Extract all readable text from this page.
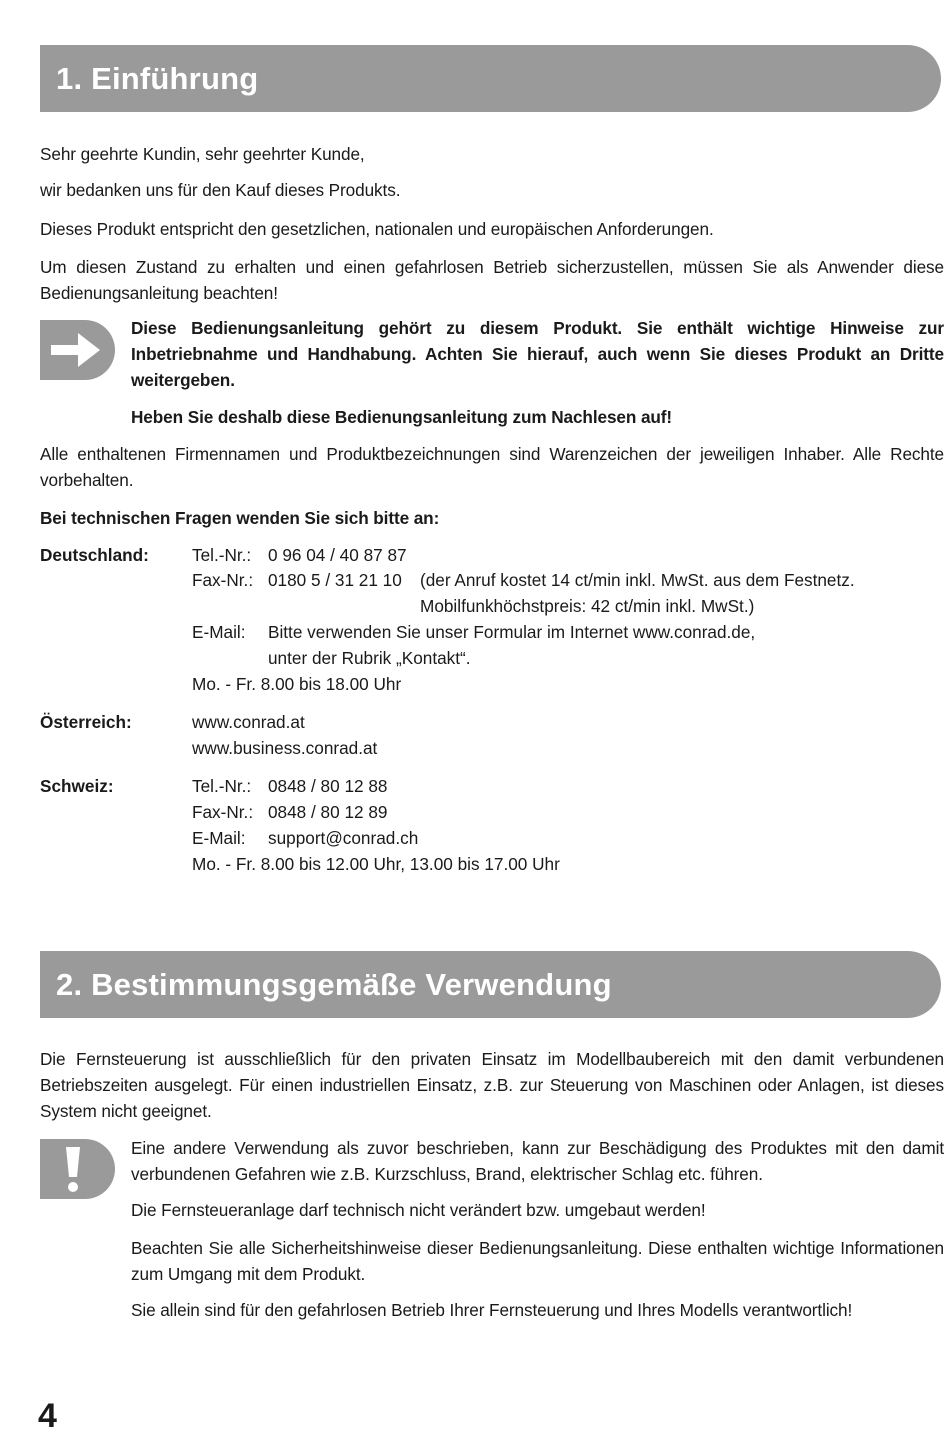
1. Einführung
Sehr geehrte Kundin, sehr geehrter Kunde,
wir bedanken uns für den Kauf dieses Produkts.
Dieses Produkt entspricht den gesetzlichen, nationalen und europäischen Anforderungen.
Um diesen Zustand zu erhalten und einen gefahrlosen Betrieb sicherzustellen, müssen Sie als Anwender diese Bedienungsanleitung beachten!
Diese Bedienungsanleitung gehört zu diesem Produkt. Sie enthält wichtige Hinweise zur Inbetriebnahme und Handhabung. Achten Sie hierauf, auch wenn Sie dieses Produkt an Dritte weitergeben.
Heben Sie deshalb diese Bedienungsanleitung zum Nachlesen auf!
Alle enthaltenen Firmennamen und Produktbezeichnungen sind Warenzeichen der jeweiligen Inhaber. Alle Rechte vorbehalten.
Bei technischen Fragen wenden Sie sich bitte an:
Deutschland:	Tel.-Nr.: 0 96 04 / 40 87 87
Fax-Nr.: 0180 5 / 31 21 10 (der Anruf kostet 14 ct/min inkl. MwSt. aus dem Festnetz.
Mobilfunkhöchstpreis: 42 ct/min inkl. MwSt.)
E-Mail: Bitte verwenden Sie unser Formular im Internet www.conrad.de,
unter der Rubrik „Kontakt“.
Mo. - Fr. 8.00 bis 18.00 Uhr
Österreich:	www.conrad.at
www.business.conrad.at
Schweiz:	Tel.-Nr.: 0848 / 80 12 88
Fax-Nr.: 0848 / 80 12 89
E-Mail: support@conrad.ch
Mo. - Fr. 8.00 bis 12.00 Uhr, 13.00 bis 17.00 Uhr
2. Bestimmungsgemäße Verwendung
Die Fernsteuerung ist ausschließlich für den privaten Einsatz im Modellbaubereich mit den damit verbundenen Betriebszeiten ausgelegt. Für einen industriellen Einsatz, z.B. zur Steuerung von Maschinen oder Anlagen, ist dieses System nicht geeignet.
Eine andere Verwendung als zuvor beschrieben, kann zur Beschädigung des Produktes mit den damit verbundenen Gefahren wie z.B. Kurzschluss, Brand, elektrischer Schlag etc. führen.
Die Fernsteueranlage darf technisch nicht verändert bzw. umgebaut werden!
Beachten Sie alle Sicherheitshinweise dieser Bedienungsanleitung. Diese enthalten wichtige Informationen zum Umgang mit dem Produkt.
Sie allein sind für den gefahrlosen Betrieb Ihrer Fernsteuerung und Ihres Modells verantwortlich!
4
